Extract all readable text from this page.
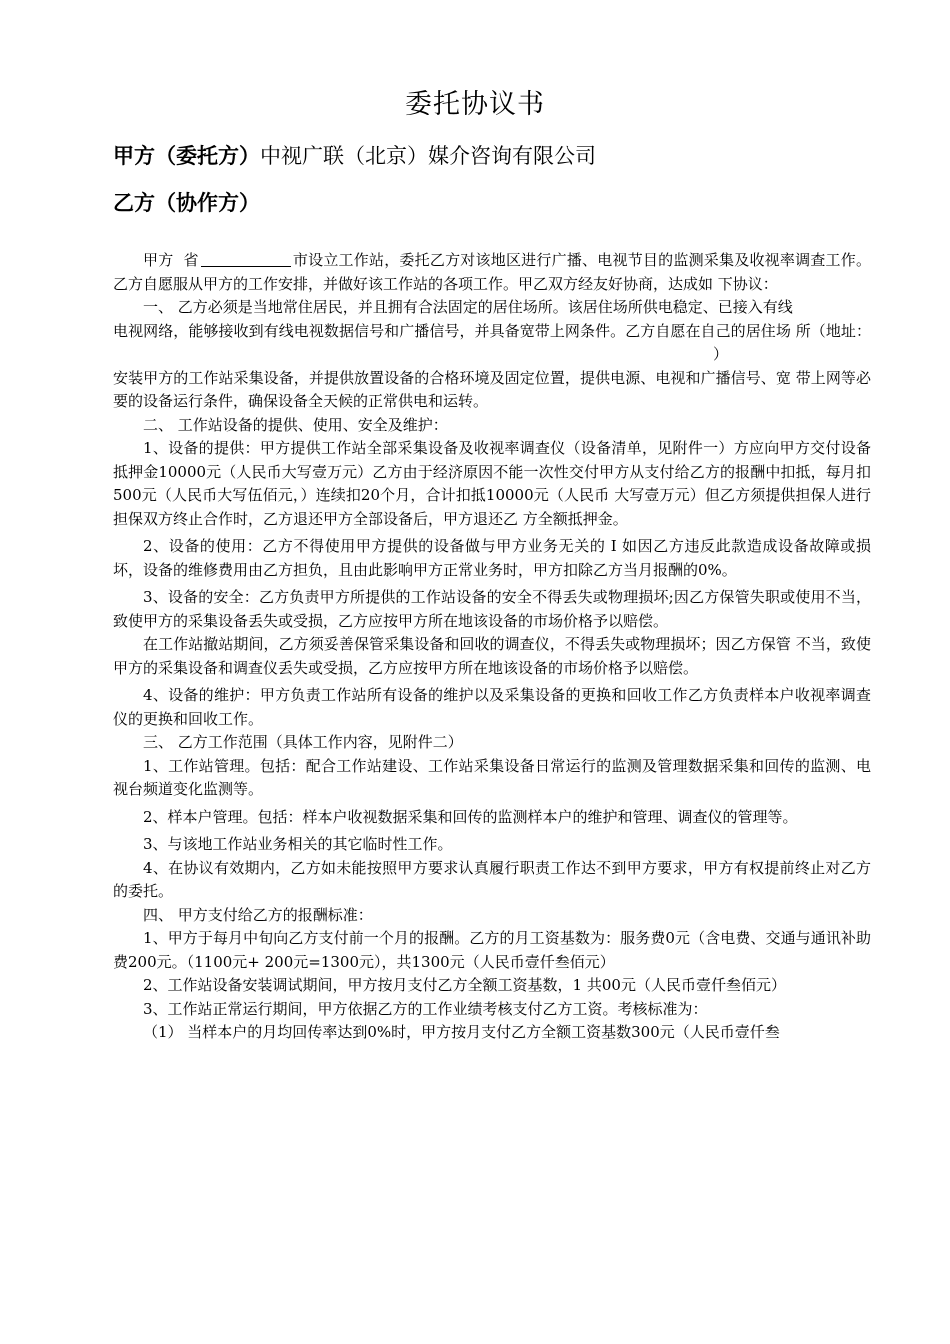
委托协议书
甲方（委托方）中视广联（北京）媒介咨询有限公司
乙方（协作方）

甲方 省	市设立工作站，委托乙方对该地区进行广播、电视节目的监测采集及收视率调查工作。乙方自愿服从甲方的工作安排，并做好该工作站的各项工作。甲乙双方经友好协商，达成如 下协议：

一、 乙方必须是当地常住居民，并且拥有合法固定的居住场所。该居住场所供电稳定、已接入有线

电视网络，能够接收到有线电视数据信号和广播信号，并具备宽带上网条件。乙方自愿在自己的居住场 所（地址：）

安装甲方的工作站采集设备，并提供放置设备的合格环境及固定位置，提供电源、电视和广播信号、宽 带上网等必要的设备运行条件，确保设备全天候的正常供电和运转。

二、 工作站设备的提供、使用、安全及维护：

1、设备的提供：甲方提供工作站全部采集设备及收视率调查仪（设备清单，见附件一）方应向甲方交付设备抵押金10000元（人民币大写壹万元）乙方由于经济原因不能一次性交付甲方从支付给乙方的报酬中扣抵，每月扣500元（人民币大写伍佰元，）连续扣20个月，合计扣抵10000元（人民币 大写壹万元）但乙方须提供担保人进行担保双方终止合作时，乙方退还甲方全部设备后，甲方退还乙 方全额抵押金。

2、设备的使用：乙方不得使用甲方提供的设备做与甲方业务无关的 I 如因乙方违反此款造成设备故障或损坏，设备的维修费用由乙方担负，且由此影响甲方正常业务时，甲方扣除乙方当月报酬的0%。

3、设备的安全：乙方负责甲方所提供的工作站设备的安全不得丢失或物理损坏;因乙方保管失职或使用不当，致使甲方的采集设备丢失或受损，乙方应按甲方所在地该设备的市场价格予以赔偿。

在工作站撤站期间，乙方须妥善保管采集设备和回收的调查仪，不得丢失或物理损坏；因乙方保管 不当，致使甲方的采集设备和调查仪丢失或受损，乙方应按甲方所在地该设备的市场价格予以赔偿。

4、设备的维护：甲方负责工作站所有设备的维护以及采集设备的更换和回收工作乙方负责样本户收视率调查仪的更换和回收工作。

三、 乙方工作范围（具体工作内容，见附件二）

1、工作站管理。包括：配合工作站建设、工作站采集设备日常运行的监测及管理数据采集和回传的监测、电视台频道变化监测等。

2、样本户管理。包括：样本户收视数据采集和回传的监测样本户的维护和管理、调查仪的管理等。

3、与该地工作站业务相关的其它临时性工作。

4、在协议有效期内，乙方如未能按照甲方要求认真履行职责工作达不到甲方要求，甲方有权提前终止对乙方的委托。

四、 甲方支付给乙方的报酬标准：

1、甲方于每月中旬向乙方支付前一个月的报酬。乙方的月工资基数为：服务费0元（含电费、交通与通讯补助费200元。（1100元+ 200元=1300元），共1300元（人民币壹仟叁佰元）

2、工作站设备安装调试期间，甲方按月支付乙方全额工资基数，1 共00元（人民币壹仟叁佰元）

3、工作站正常运行期间，甲方依据乙方的工作业绩考核支付乙方工资。考核标准为：

（1） 当样本户的月均回传率达到0%时，甲方按月支付乙方全额工资基数300元（人民币壹仟叁
